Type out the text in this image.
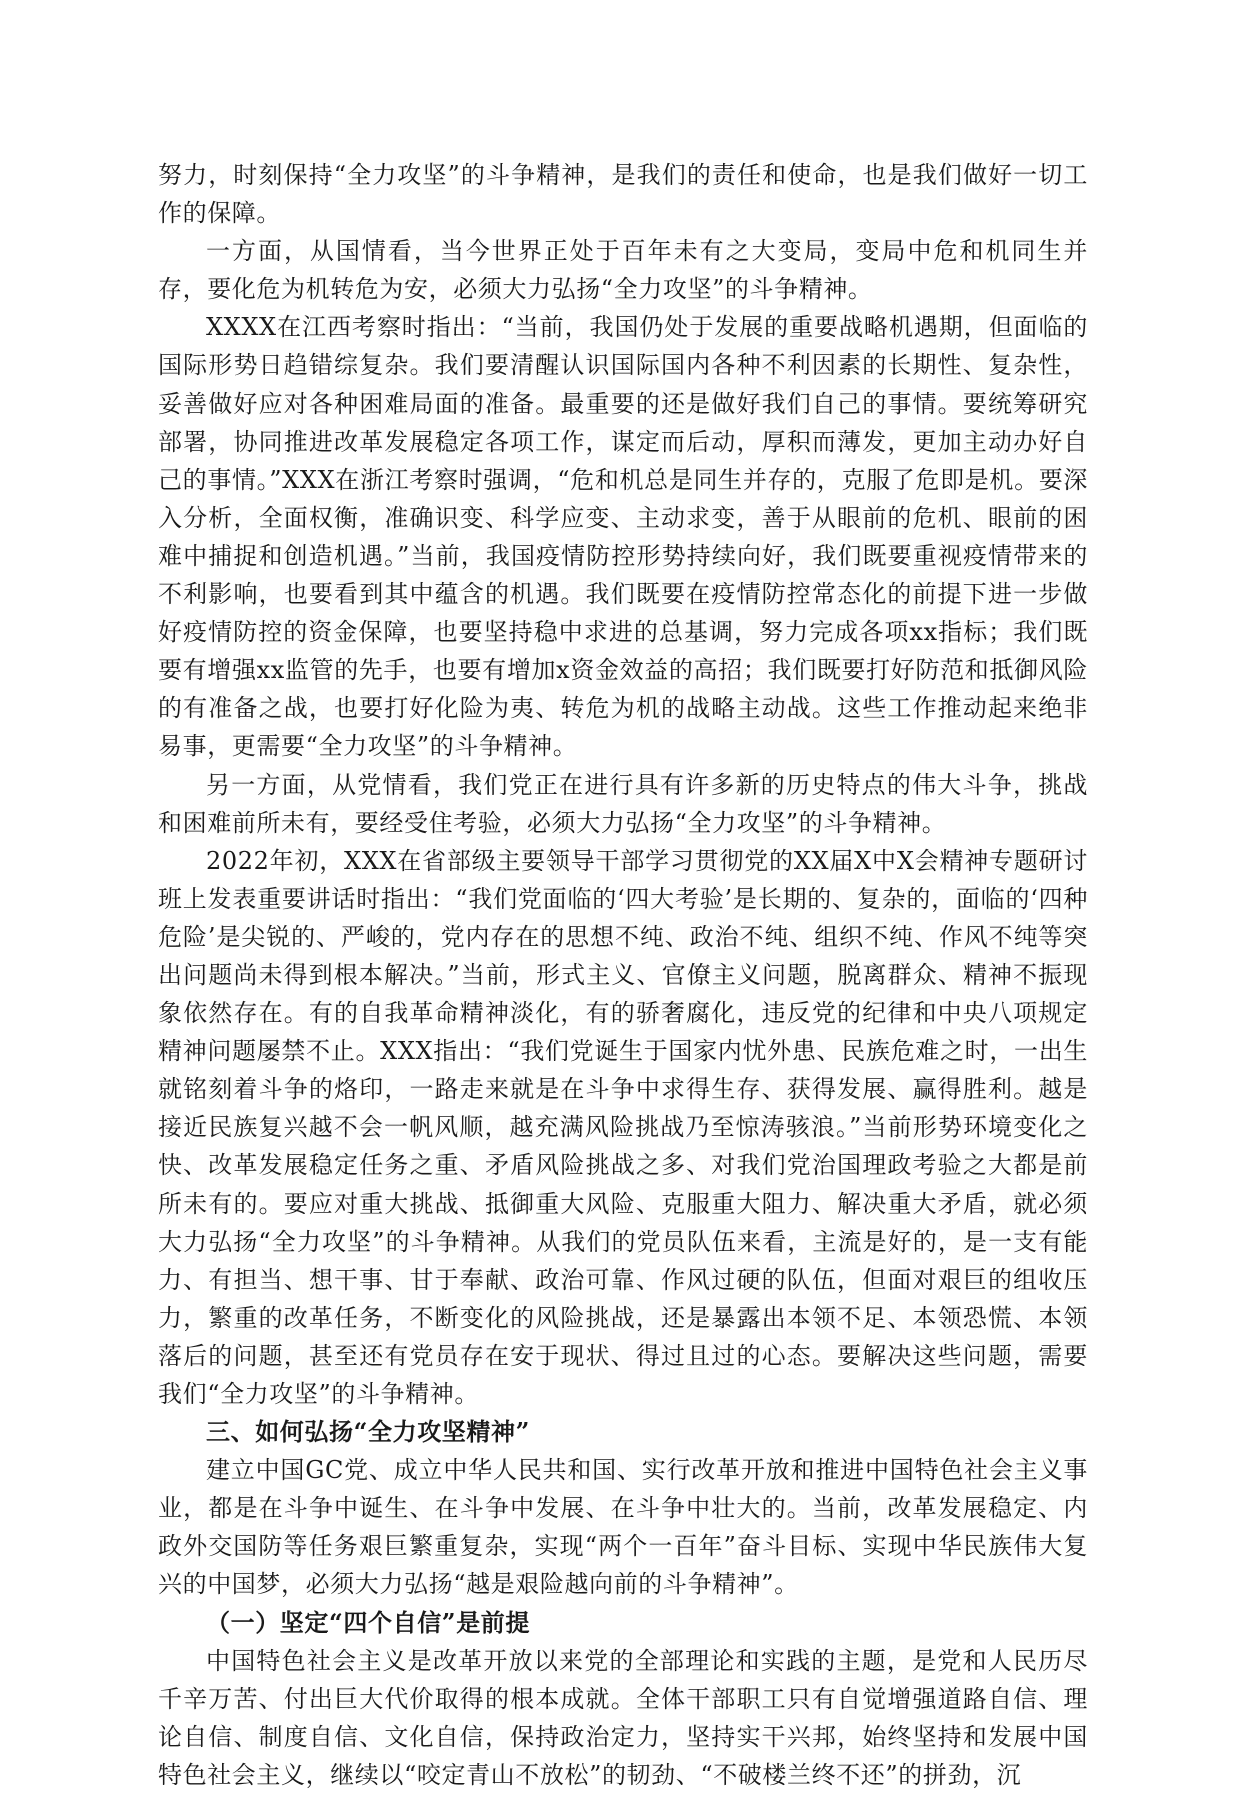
努力，时刻保持“全力攻坚”的斗争精神，是我们的责任和使命，也是我们做好一切工作的保障。

一方面，从国情看，当今世界正处于百年未有之大变局，变局中危和机同生并存，要化危为机转危为安，必须大力弘扬“全力攻坚”的斗争精神。

XXXX在江西考察时指出：“当前，我国仍处于发展的重要战略机遇期，但面临的国际形势日趋错综复杂。我们要清醒认识国际国内各种不利因素的长期性、复杂性，妥善做好应对各种困难局面的准备。最重要的还是做好我们自己的事情。要统筹研究部署，协同推进改革发展稳定各项工作，谋定而后动，厚积而薄发，更加主动办好自己的事情。”XXX在浙江考察时强调，“危和机总是同生并存的，克服了危即是机。要深入分析，全面权衡，准确识变、科学应变、主动求变，善于从眼前的危机、眼前的困难中捕捉和创造机遇。”当前，我国疫情防控形势持续向好，我们既要重视疫情带来的不利影响，也要看到其中蕴含的机遇。我们既要在疫情防控常态化的前提下进一步做好疫情防控的资金保障，也要坚持稳中求进的总基调，努力完成各项xx指标；我们既要有增强xx监管的先手，也要有增加x资金效益的高招；我们既要打好防范和抵御风险的有准备之战，也要打好化险为夷、转危为机的战略主动战。这些工作推动起来绝非易事，更需要“全力攻坚”的斗争精神。

另一方面，从党情看，我们党正在进行具有许多新的历史特点的伟大斗争，挑战和困难前所未有，要经受住考验，必须大力弘扬“全力攻坚”的斗争精神。

2022年初，XXX在省部级主要领导干部学习贯彻党的XX届X中X会精神专题研讨班上发表重要讲话时指出：“我们党面临的‘四大考验’是长期的、复杂的，面临的‘四种危险’是尖锐的、严峻的，党内存在的思想不纯、政治不纯、组织不纯、作风不纯等突出问题尚未得到根本解决。”当前，形式主义、官僚主义问题，脱离群众、精神不振现象依然存在。有的自我革命精神淡化，有的骄奢腐化，违反党的纪律和中央八项规定精神问题屡禁不止。XXX指出：“我们党诞生于国家内忧外患、民族危难之时，一出生就铭刻着斗争的烙印，一路走来就是在斗争中求得生存、获得发展、赢得胜利。越是接近民族复兴越不会一帆风顺，越充满风险挑战乃至惊涛骇浪。”当前形势环境变化之快、改革发展稳定任务之重、矛盾风险挑战之多、对我们党治国理政考验之大都是前所未有的。要应对重大挑战、抵御重大风险、克服重大阻力、解决重大矛盾，就必须大力弘扬“全力攻坚”的斗争精神。从我们的党员队伍来看，主流是好的，是一支有能力、有担当、想干事、甘于奉献、政治可靠、作风过硬的队伍，但面对艰巨的组收压力，繁重的改革任务，不断变化的风险挑战，还是暴露出本领不足、本领恐慌、本领落后的问题，甚至还有党员存在安于现状、得过且过的心态。要解决这些问题，需要我们“全力攻坚”的斗争精神。

三、如何弘扬“全力攻坚精神”

建立中国GC党、成立中华人民共和国、实行改革开放和推进中国特色社会主义事业，都是在斗争中诞生、在斗争中发展、在斗争中壮大的。当前，改革发展稳定、内政外交国防等任务艰巨繁重复杂，实现“两个一百年”奋斗目标、实现中华民族伟大复兴的中国梦，必须大力弘扬“越是艰险越向前的斗争精神”。

（一）坚定“四个自信”是前提

中国特色社会主义是改革开放以来党的全部理论和实践的主题，是党和人民历尽千辛万苦、付出巨大代价取得的根本成就。全体干部职工只有自觉增强道路自信、理论自信、制度自信、文化自信，保持政治定力，坚持实干兴邦，始终坚持和发展中国特色社会主义，继续以“咬定青山不放松”的韧劲、“不破楼兰终不还”的拼劲，沉
